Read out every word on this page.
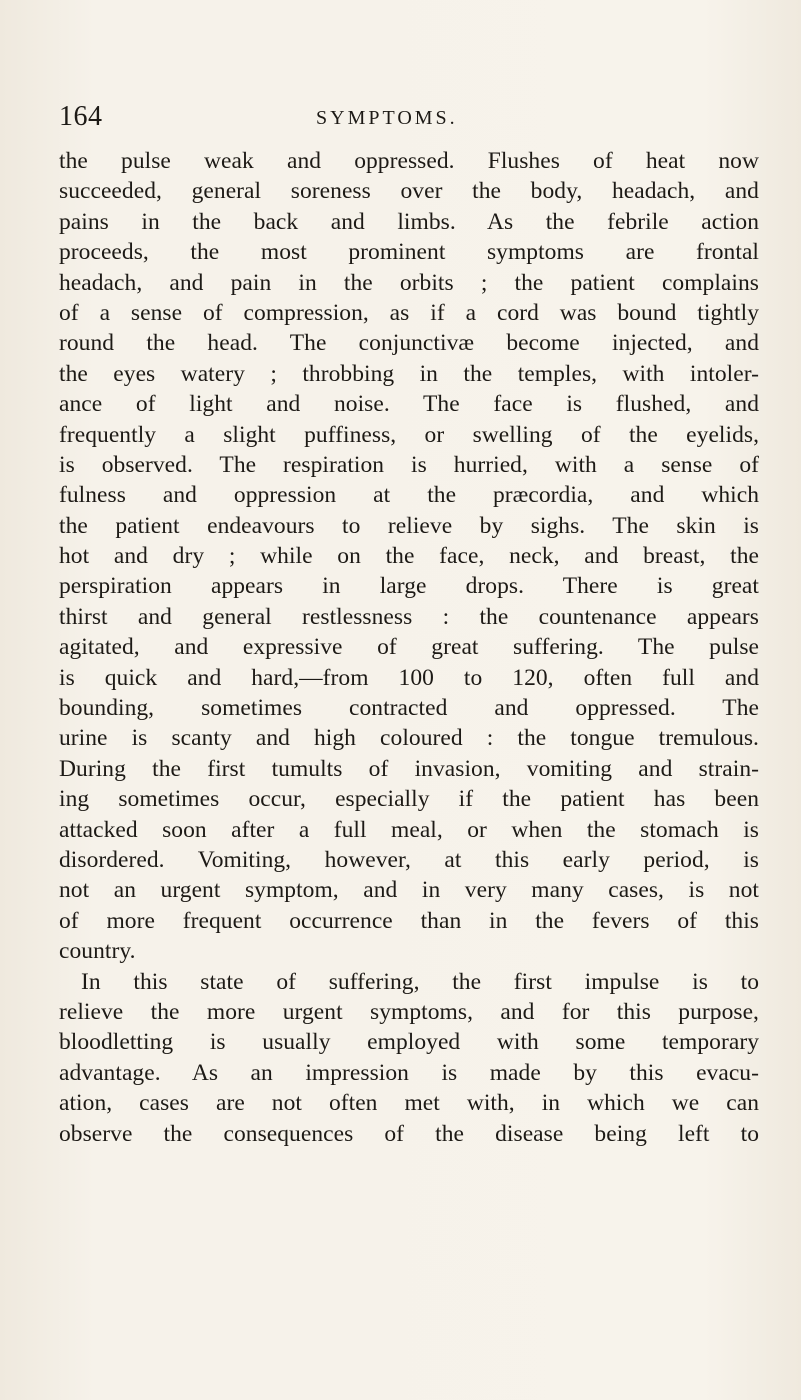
164	SYMPTOMS.
the pulse weak and oppressed. Flushes of heat now
succeeded, general soreness over the body, headach, and
pains in the back and limbs. As the febrile action
proceeds, the most prominent symptoms are frontal
headach, and pain in the orbits ; the patient complains
of a sense of compression, as if a cord was bound tightly
round the head. The conjunctivæ become injected, and
the eyes watery ; throbbing in the temples, with intoler-
ance of light and noise. The face is flushed, and
frequently a slight puffiness, or swelling of the eyelids,
is observed. The respiration is hurried, with a sense of
fulness and oppression at the præcordia, and which
the patient endeavours to relieve by sighs. The skin is
hot and dry ; while on the face, neck, and breast, the
perspiration appears in large drops. There is great
thirst and general restlessness : the countenance appears
agitated, and expressive of great suffering. The pulse
is quick and hard,—from 100 to 120, often full and
bounding, sometimes contracted and oppressed. The
urine is scanty and high coloured : the tongue tremulous.
During the first tumults of invasion, vomiting and strain-
ing sometimes occur, especially if the patient has been
attacked soon after a full meal, or when the stomach is
disordered. Vomiting, however, at this early period, is
not an urgent symptom, and in very many cases, is not
of more frequent occurrence than in the fevers of this
country.
In this state of suffering, the first impulse is to
relieve the more urgent symptoms, and for this purpose,
bloodletting is usually employed with some temporary
advantage. As an impression is made by this evacu-
ation, cases are not often met with, in which we can
observe the consequences of the disease being left to
